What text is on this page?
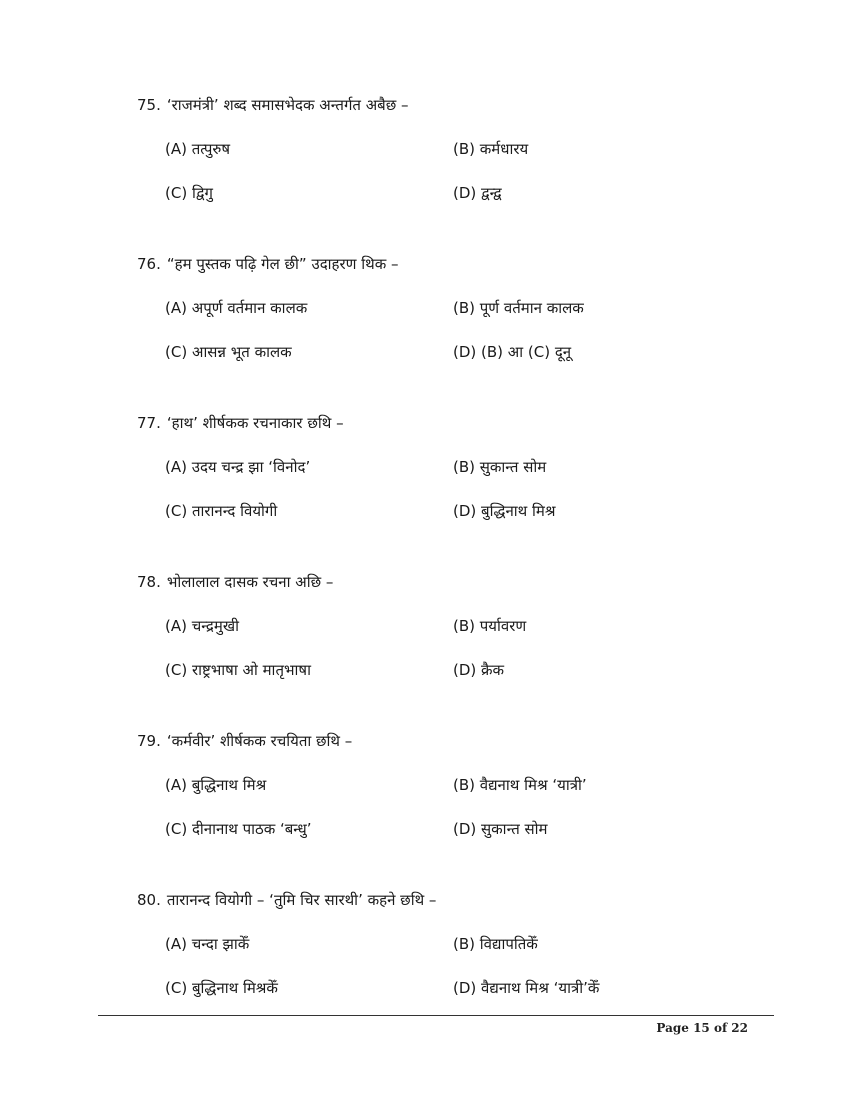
75. ‘राजमंत्री’ शब्द समासभेदक अन्तर्गत अबैछ –
(A) तत्पुरुष	(B) कर्मधारय
(C) द्विगु	(D) द्वन्द्व
76. “हम पुस्तक पढ़ि गेल छी” उदाहरण थिक –
(A) अपूर्ण वर्तमान कालक	(B) पूर्ण वर्तमान कालक
(C) आसन्न भूत कालक	(D) (B) आ (C) दूनू
77. ‘हाथ’ शीर्षकक रचनाकार छथि –
(A) उदय चन्द्र झा ‘विनोद’	(B) सुकान्त सोम
(C) तारानन्द वियोगी	(D) बुद्धिनाथ मिश्र
78. भोलालाल दासक रचना अछि –
(A) चन्द्रमुखी	(B) पर्यावरण
(C) राष्ट्रभाषा ओ मातृभाषा	(D) क्रैक
79. ‘कर्मवीर’ शीर्षकक रचयिता छथि –
(A) बुद्धिनाथ मिश्र	(B) वैद्यनाथ मिश्र ‘यात्री’
(C) दीनानाथ पाठक ‘बन्धु’	(D) सुकान्त सोम
80. तारानन्द वियोगी – ‘तुमि चिर सारथी’ कहने छथि –
(A) चन्दा झाकेँ	(B) विद्यापतिकेँ
(C) बुद्धिनाथ मिश्रकेँ	(D) वैद्यनाथ मिश्र ‘यात्री’केँ
Page 15 of 22
